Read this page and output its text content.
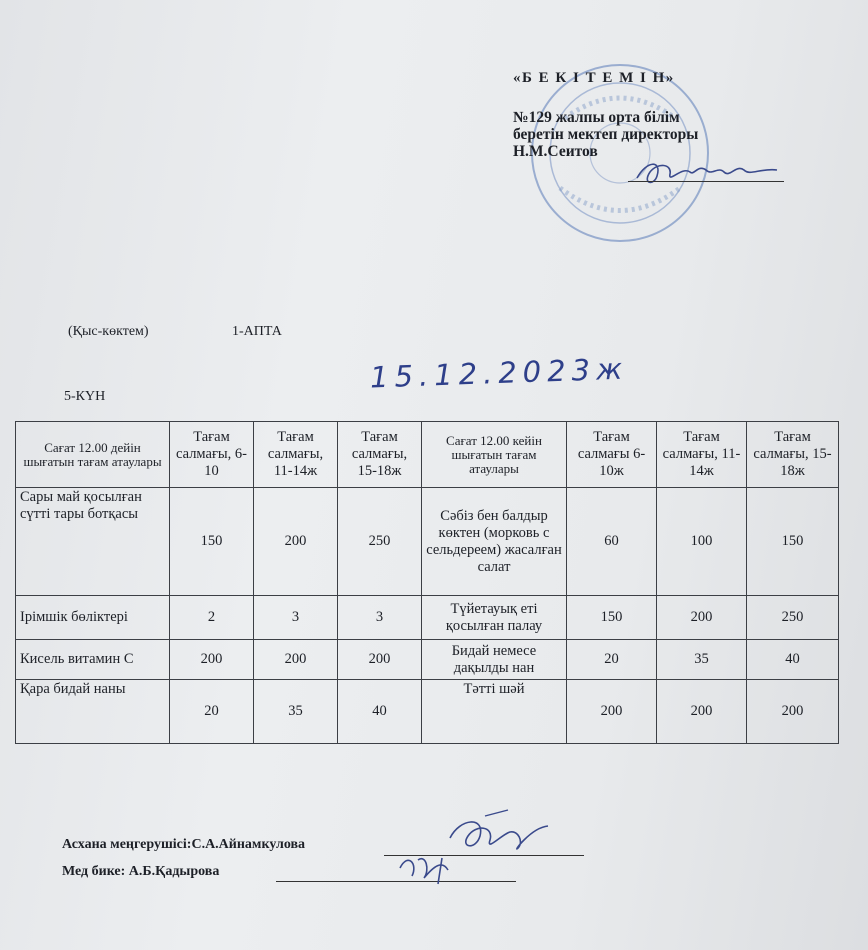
«Б Е К І Т Е М І Н»
№129 жалпы орта білім
беретін мектеп директоры
Н.М.Сеитов
(Қыс-көктем)	1-АПТА
5-КҮН
15.12.2023ж
Сағат 12.00 дейін шығатын тағам атаулары	Тағам салмағы, 6-10	Тағам салмағы, 11-14ж	Тағам салмағы, 15-18ж	Сағат 12.00 кейін шығатын тағам атаулары	Тағам салмағы 6-10ж	Тағам салмағы, 11-14ж	Тағам салмағы, 15-18ж
Сары май қосылған сүтті тары ботқасы	150	200	250	Сәбіз бен балдыр көктен (морковь с сельдереем) жасалған салат	60	100	150
Ірімшік бөліктері	2	3	3	Түйетауық еті қосылған палау	150	200	250
Кисель витамин С	200	200	200	Бидай немесе дақылды нан	20	35	40
Қара бидай наны	20	35	40	Тәтті шәй	200	200	200
Асхана меңгерушісі:С.А.Айнамкулова
Мед бике: А.Б.Қадырова
